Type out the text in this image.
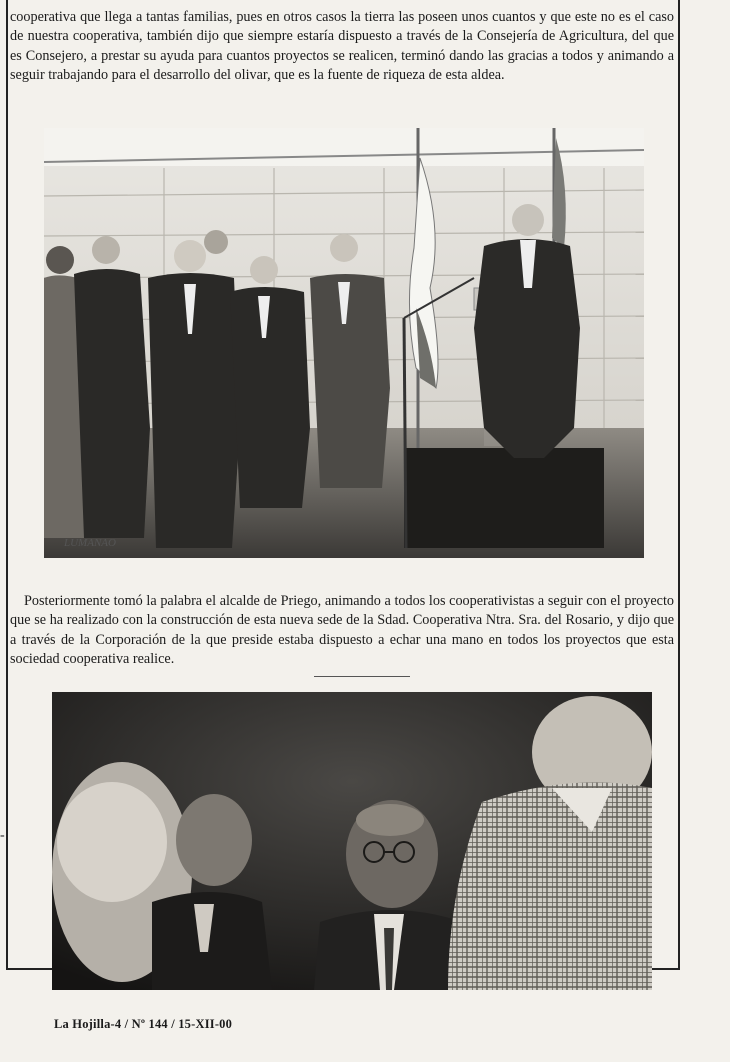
cooperativa que llega a tantas familias, pues en otros casos la tierra las poseen unos cuantos y que este no es el caso de nuestra cooperativa, también dijo que siempre estaría dispuesto a través de la Consejería de Agricultura, del que es Consejero, a prestar su ayuda para cuantos proyectos se realicen, terminó dando las gracias a todos y animando a seguir trabajando para el desarrollo del olivar, que es la fuente de riqueza de esta aldea.

LUMANAO

Posteriormente tomó la palabra el alcalde de Priego, animando a todos los cooperativistas a seguir con el proyecto que se ha realizado con la construcción de esta nueva sede de la Sdad. Cooperativa Ntra. Sra. del Rosario, y dijo que a través de la Corporación de la que preside estaba dispuesto a echar una mano en todos los proyectos que esta sociedad cooperativa realice.

La Hojilla-4 / Nº 144 / 15-XII-00
-
